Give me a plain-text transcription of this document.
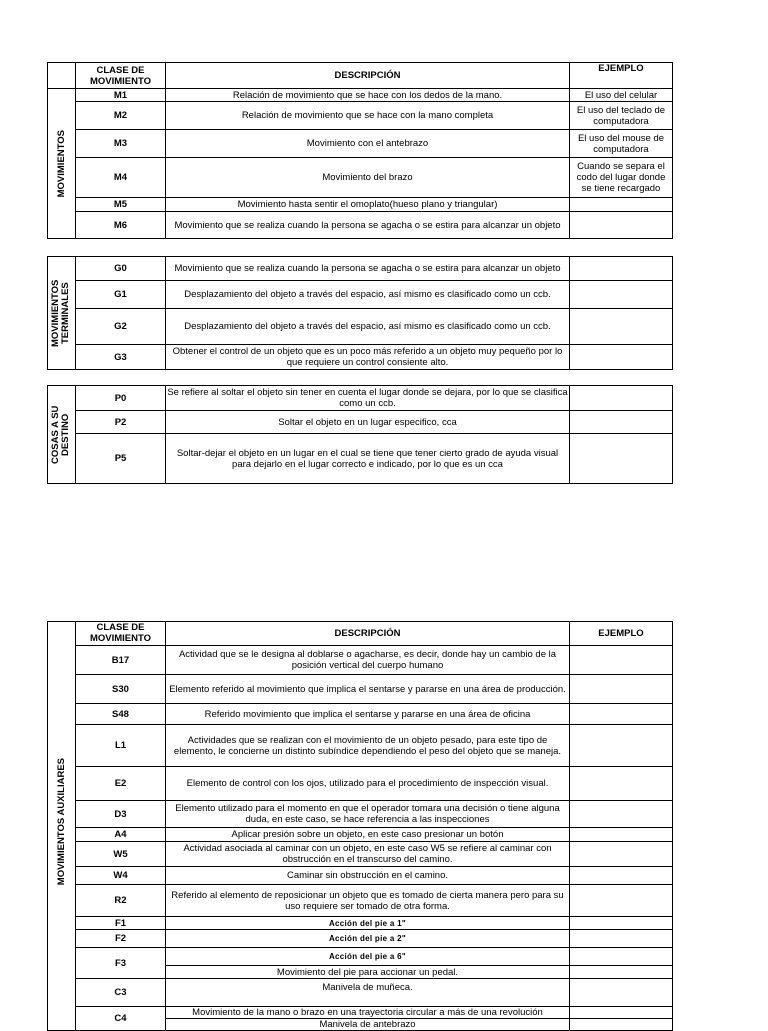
	CLASE DE MOVIMIENTO	DESCRIPCIÓN	EJEMPLO

MOVIMIENTOS	M1	Relación de movimiento que se hace con los dedos de la mano.	El uso del celular
	M2	Relación de movimiento que se hace con la mano completa	El uso del teclado de computadora
	M3	Movimiento con el antebrazo	El uso del mouse de computadora
	M4	Movimiento del brazo	Cuando se separa el codo del lugar donde se tiene recargado
	M5	Movimiento hasta sentir el omoplato(hueso plano y triangular)	
	M6	Movimiento que se realiza cuando la persona se agacha o se estira para alcanzar un objeto	
MOVIMIENTOS TERMINALES	G0	Movimiento que se realiza cuando la persona se agacha o se estira para alcanzar un objeto	
	G1	Desplazamiento del objeto a través del espacio, así mismo es clasificado como un ccb.	
	G2	Desplazamiento del objeto a través del espacio, así mismo es clasificado como un ccb.	
	G3	Obtener el control de un objeto que es un poco más referido a un objeto muy pequeño por lo que requiere un control consiente alto.	
COSAS A SU DESTINO	P0	Se refiere al soltar el objeto sin tener en cuenta el lugar donde se dejara, por lo que se clasifica como un ccb.	
	P2	Soltar el objeto en un lugar especifico, cca	
	P5	Soltar-dejar el objeto en un lugar en el cual se tiene que tener cierto grado de ayuda visual para dejarlo en el lugar correcto e indicado, por lo que es un cca	
MOVIMIENTOS AUXILIARES	CLASE DE MOVIMIENTO	DESCRIPCIÓN	EJEMPLO
	B17	Actividad que se le designa al doblarse o agacharse, es decir, donde hay un cambio de la posición vertical del cuerpo humano	
	S30	Elemento referido al movimiento que implica el sentarse y pararse en una área de producción.	
	S48	Referido movimiento que implica el sentarse y pararse en una área de oficina	
	L1	Actividades que se realizan con el movimiento de un objeto pesado, para este tipo de elemento, le concierne un distinto subíndice dependiendo el peso del objeto que se maneja.	
	E2	Elemento de control con los ojos, utilizado para el procedimiento de inspección visual.	
	D3	Elemento utilizado para el momento en que el operador tomara una decisión o tiene alguna duda, en este caso, se hace referencia a las inspecciones	
	A4	Aplicar presión sobre un objeto, en este caso presionar un botón	
	W5	Actividad asociada al caminar con un objeto, en este caso W5 se refiere al caminar con obstrucción en el transcurso del camino.	
	W4	Caminar sin obstrucción en el camino.	
	R2	Referido al elemento de reposicionar un objeto que es tomado de cierta manera pero para su uso requiere ser tomado de otra forma.	
	F1	Acción del pie a 1"	
	F2	Acción del pie a 2"	
	F3	Acción del pie a 6"	
		Movimiento del pie para accionar un pedal.	
	C3	Manivela de muñeca.	
	C4	Movimiento de la mano o brazo en una trayectoria circular a más de una revolución	
		Manivela de antebrazo	
